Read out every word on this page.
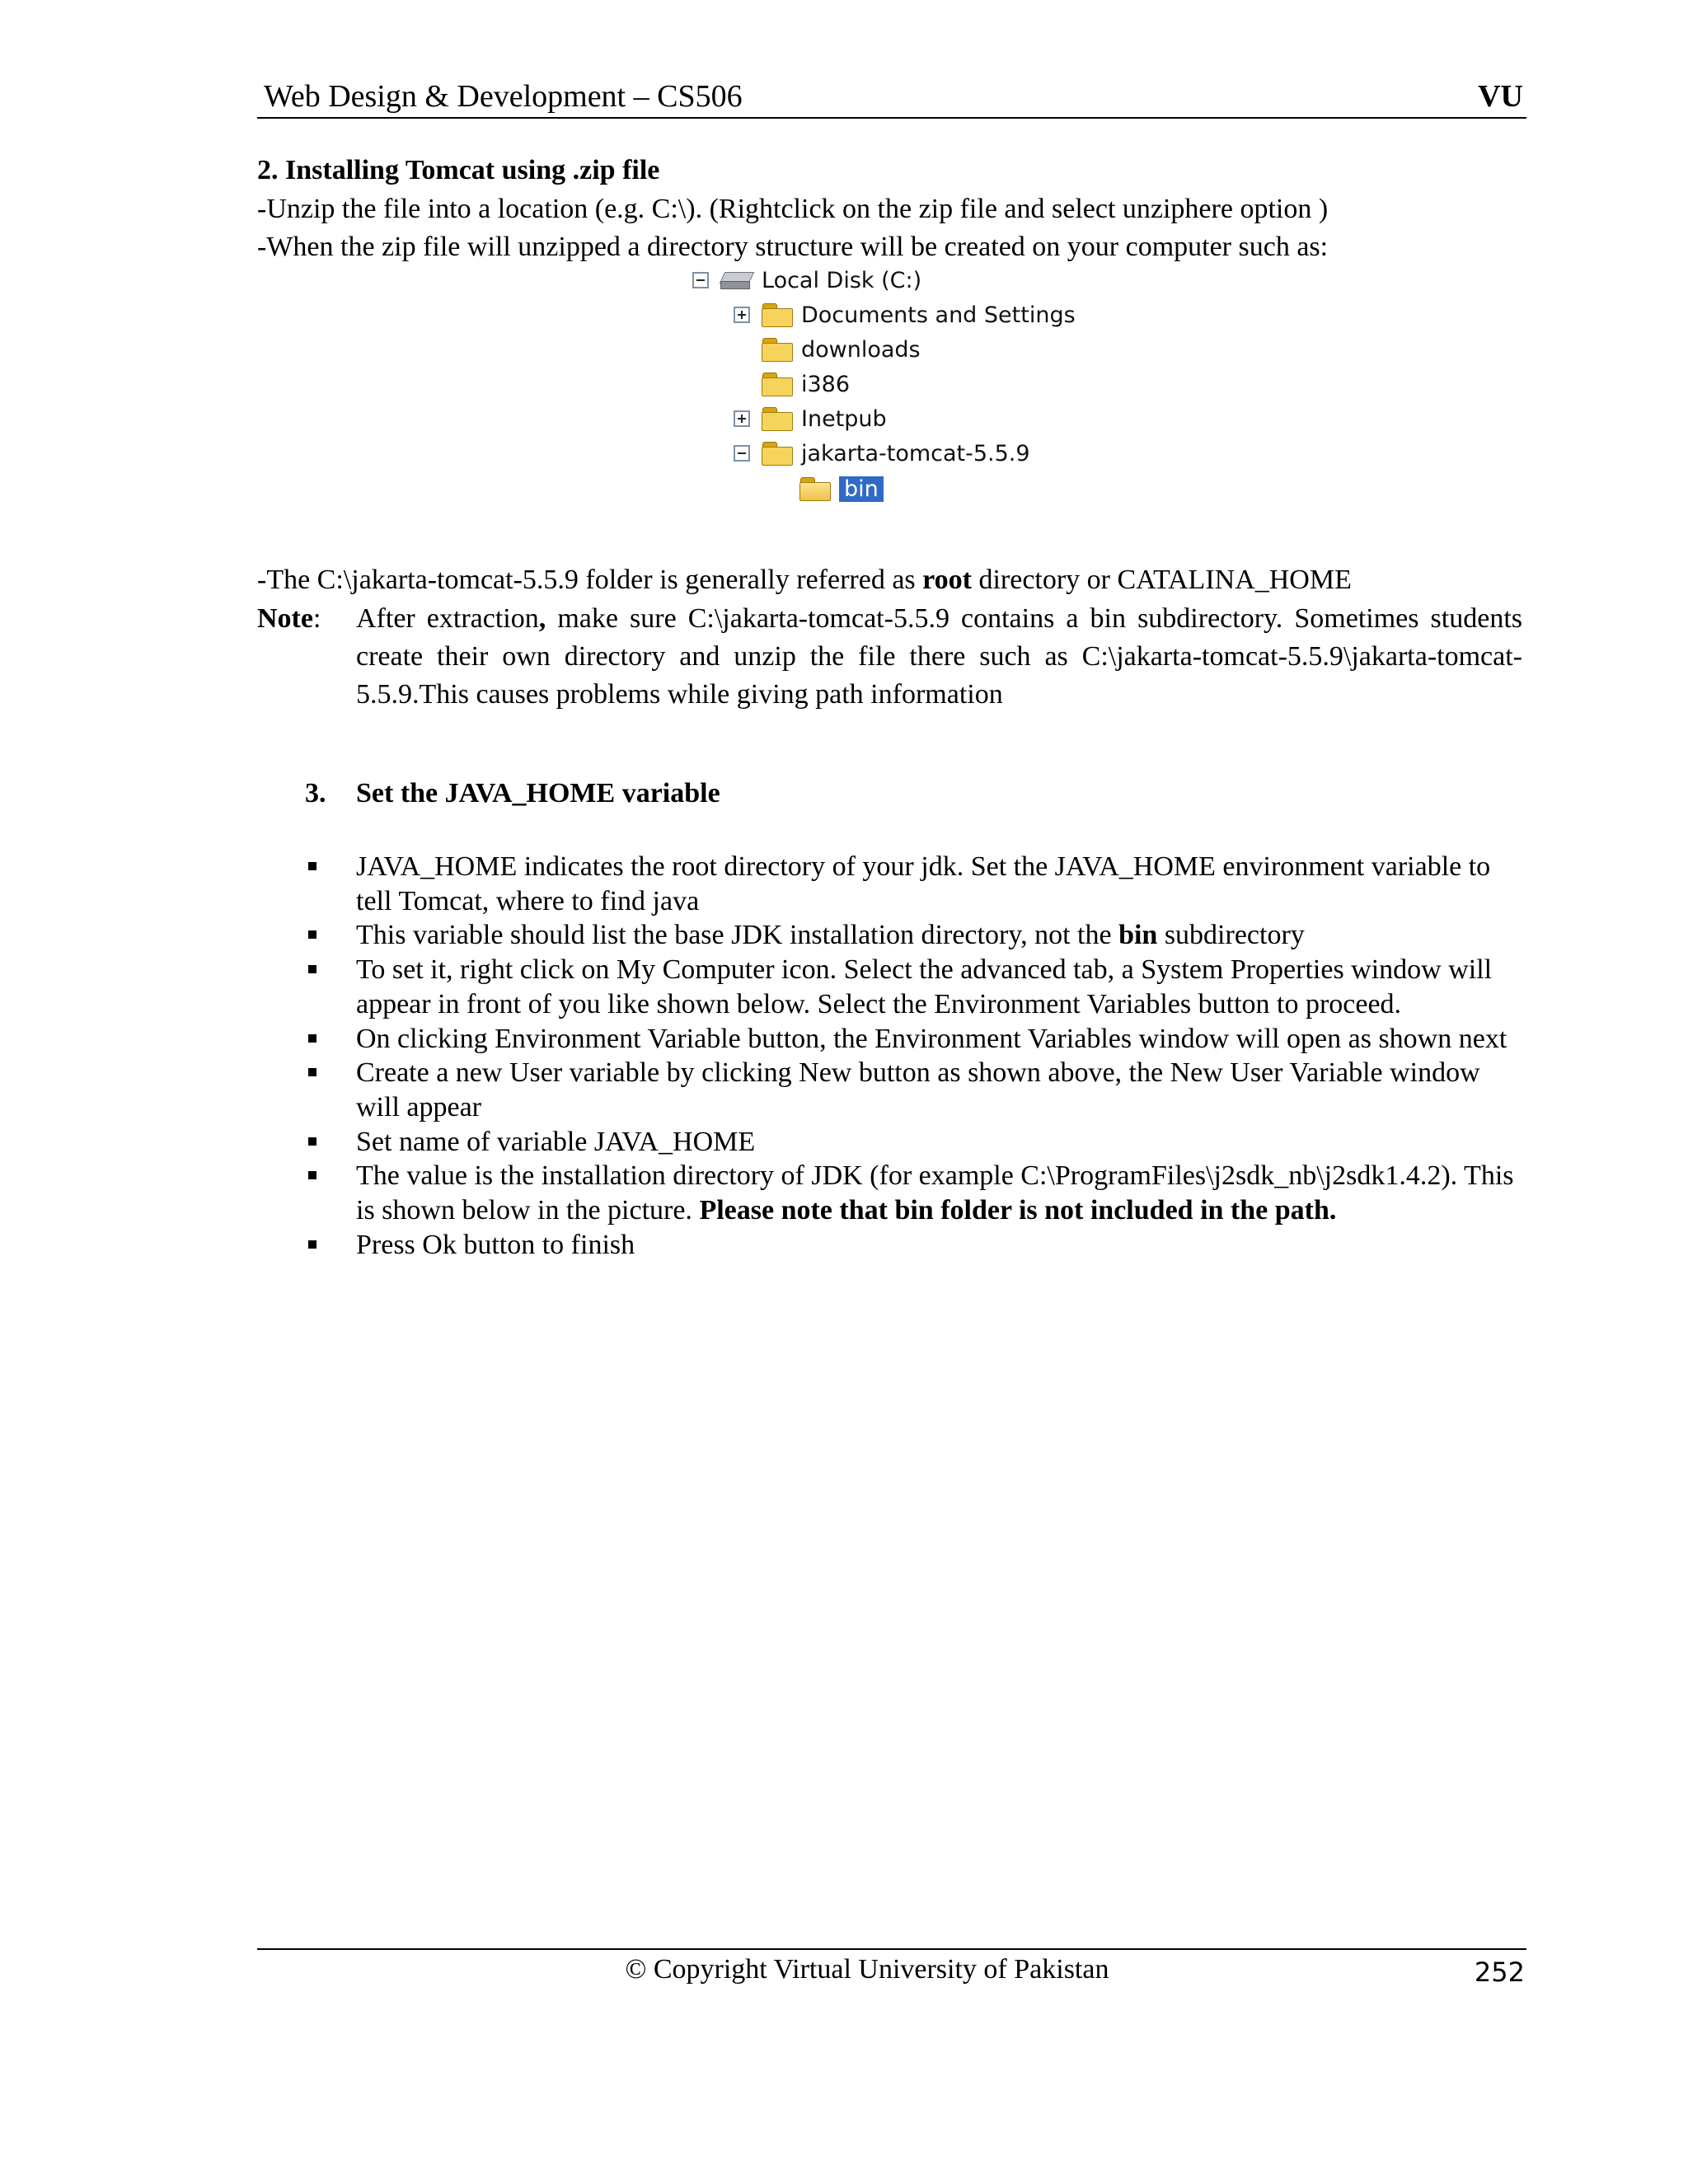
Web Design & Development – CS506	VU
2. Installing Tomcat using .zip file
-Unzip the file into a location (e.g. C:\). (Rightclick on the zip file and select unziphere option )
-When the zip file will unzipped a directory structure will be created on your computer such as:
Local Disk (C:)
Documents and Settings
downloads
i386
Inetpub
jakarta-tomcat-5.5.9
bin
-The C:\jakarta-tomcat-5.5.9 folder is generally referred as root directory or CATALINA_HOME
Note: After extraction, make sure C:\jakarta-tomcat-5.5.9 contains a bin subdirectory. Sometimes students create their own directory and unzip the file there such as C:\jakarta-tomcat-5.5.9\jakarta-tomcat-5.5.9.This causes problems while giving path information
3. Set the JAVA_HOME variable
JAVA_HOME indicates the root directory of your jdk. Set the JAVA_HOME environment variable to tell Tomcat, where to find java
This variable should list the base JDK installation directory, not the bin subdirectory
To set it, right click on My Computer icon. Select the advanced tab, a System Properties window will appear in front of you like shown below. Select the Environment Variables button to proceed.
On clicking Environment Variable button, the Environment Variables window will open as shown next
Create a new User variable by clicking New button as shown above, the New User Variable window will appear
Set name of variable JAVA_HOME
The value is the installation directory of JDK (for example C:\ProgramFiles\j2sdk_nb\j2sdk1.4.2). This is shown below in the picture. Please note that bin folder is not included in the path.
Press Ok button to finish
© Copyright Virtual University of Pakistan	252
